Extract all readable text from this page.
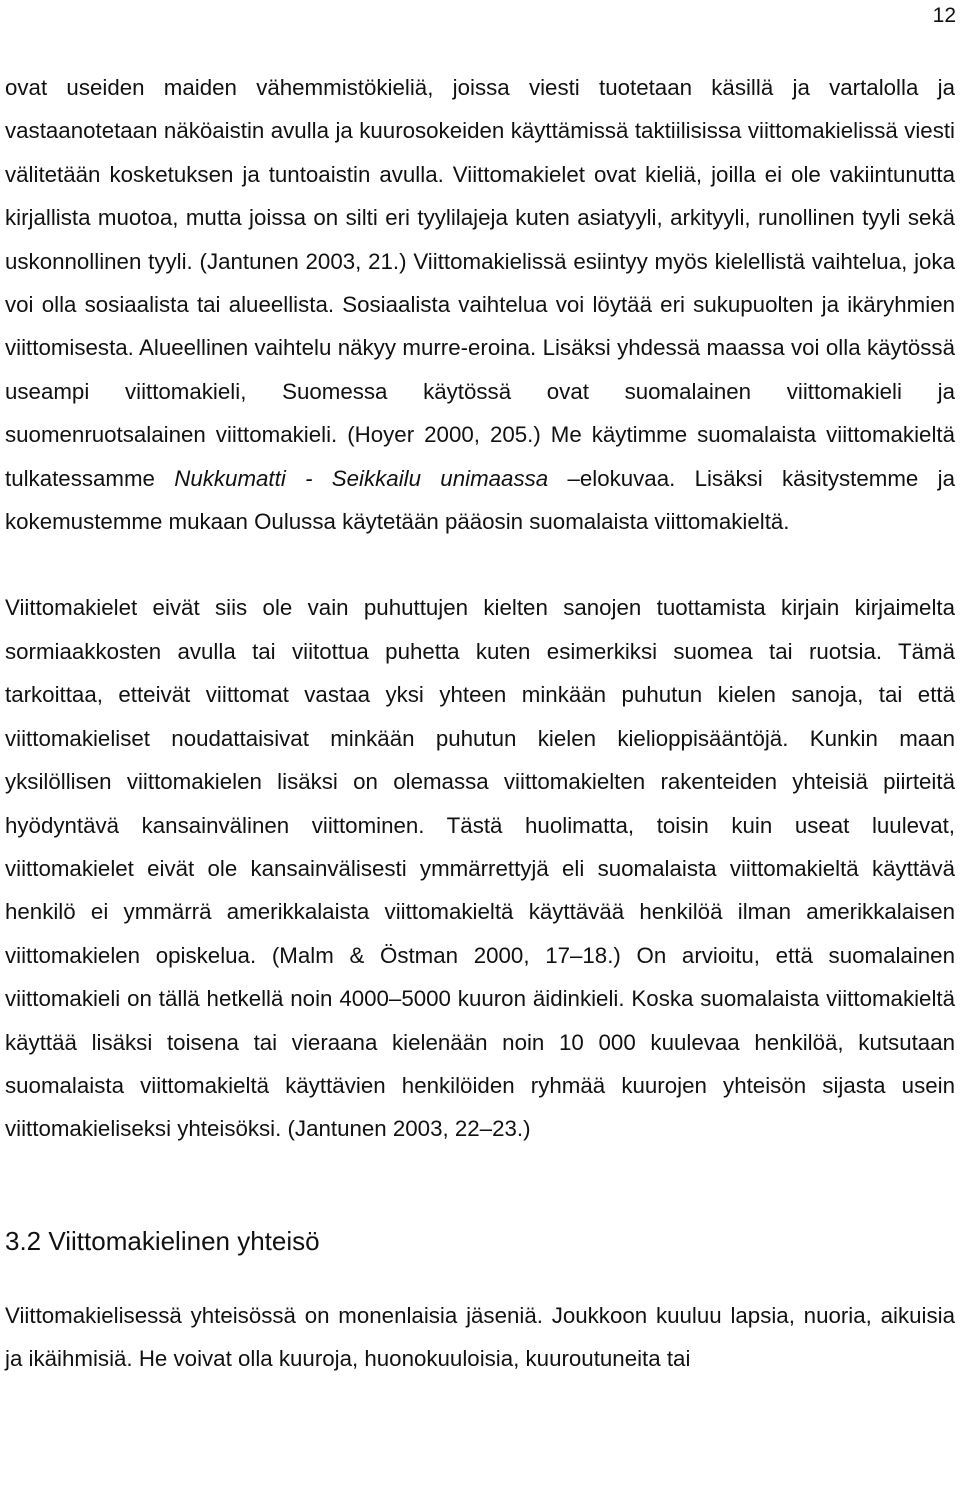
12

ovat useiden maiden vähemmistökieliä, joissa viesti tuotetaan käsillä ja vartalolla ja vastaanotetaan näköaistin avulla ja kuurosokeiden käyttämissä taktiilisissa viittomakielissä viesti välitetään kosketuksen ja tuntoaistin avulla. Viittomakielet ovat kieliä, joilla ei ole vakiintunutta kirjallista muotoa, mutta joissa on silti eri tyylilajeja kuten asiatyyli, arkityyli, runollinen tyyli sekä uskonnollinen tyyli. (Jantunen 2003, 21.) Viittomakielissä esiintyy myös kielellistä vaihtelua, joka voi olla sosiaalista tai alueellista. Sosiaalista vaihtelua voi löytää eri sukupuolten ja ikäryhmien viittomisesta. Alueellinen vaihtelu näkyy murre-eroina. Lisäksi yhdessä maassa voi olla käytössä useampi viittomakieli, Suomessa käytössä ovat suomalainen viittomakieli ja suomenruotsalainen viittomakieli. (Hoyer 2000, 205.) Me käytimme suomalaista viittomakieltä tulkatessamme Nukkumatti - Seikkailu unimaassa –elokuvaa. Lisäksi käsitystemme ja kokemustemme mukaan Oulussa käytetään pääosin suomalaista viittomakieltä.

Viittomakielet eivät siis ole vain puhuttujen kielten sanojen tuottamista kirjain kirjaimelta sormiaakkosten avulla tai viitottua puhetta kuten esimerkiksi suomea tai ruotsia. Tämä tarkoittaa, etteivät viittomat vastaa yksi yhteen minkään puhutun kielen sanoja, tai että viittomakieliset noudattaisivat minkään puhutun kielen kielioppisääntöjä. Kunkin maan yksilöllisen viittomakielen lisäksi on olemassa viittomakielten rakenteiden yhteisiä piirteitä hyödyntävä kansainvälinen viittominen. Tästä huolimatta, toisin kuin useat luulevat, viittomakielet eivät ole kansainvälisesti ymmärrettyjä eli suomalaista viittomakieltä käyttävä henkilö ei ymmärrä amerikkalaista viittomakieltä käyttävää henkilöä ilman amerikkalaisen viittomakielen opiskelua. (Malm & Östman 2000, 17–18.) On arvioitu, että suomalainen viittomakieli on tällä hetkellä noin 4000–5000 kuuron äidinkieli. Koska suomalaista viittomakieltä käyttää lisäksi toisena tai vieraana kielenään noin 10 000 kuulevaa henkilöä, kutsutaan suomalaista viittomakieltä käyttävien henkilöiden ryhmää kuurojen yhteisön sijasta usein viittomakieliseksi yhteisöksi. (Jantunen 2003, 22–23.)

3.2 Viittomakielinen yhteisö

Viittomakielisessä yhteisössä on monenlaisia jäseniä. Joukkoon kuuluu lapsia, nuoria, aikuisia ja ikäihmisiä. He voivat olla kuuroja, huonokuuloisia, kuuroutuneita tai
